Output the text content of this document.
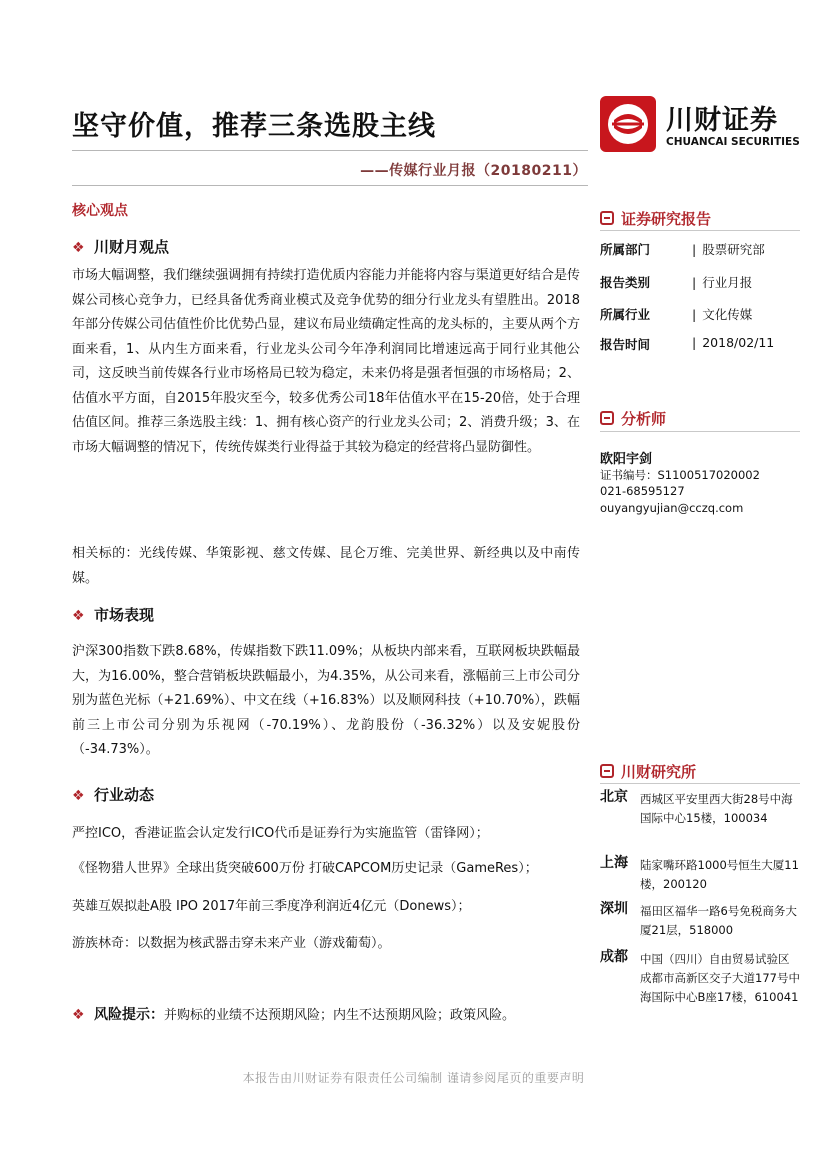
坚守价值，推荐三条选股主线	川财证券
CHUANCAI SECURITIES
——传媒行业月报（20180211）
核心观点
❖ 川财月观点
市场大幅调整，我们继续强调拥有持续打造优质内容能力并能将内容与渠道更好结合是传媒公司核心竞争力，已经具备优秀商业模式及竞争优势的细分行业龙头有望胜出。2018年部分传媒公司估值性价比优势凸显，建议布局业绩确定性高的龙头标的，主要从两个方面来看，1、从内生方面来看，行业龙头公司今年净利润同比增速远高于同行业其他公司，这反映当前传媒各行业市场格局已较为稳定，未来仍将是强者恒强的市场格局；2、估值水平方面，自2015年股灾至今，较多优秀公司18年估值水平在15-20倍，处于合理估值区间。推荐三条选股主线：1、拥有核心资产的行业龙头公司；2、消费升级；3、在市场大幅调整的情况下，传统传媒类行业得益于其较为稳定的经营将凸显防御性。
相关标的：光线传媒、华策影视、慈文传媒、昆仑万维、完美世界、新经典以及中南传媒。
❖ 市场表现
沪深300指数下跌8.68%，传媒指数下跌11.09%；从板块内部来看，互联网板块跌幅最大，为16.00%，整合营销板块跌幅最小，为4.35%，从公司来看，涨幅前三上市公司分别为蓝色光标（+21.69%）、中文在线（+16.83%）以及顺网科技（+10.70%），跌幅前三上市公司分别为乐视网（-70.19%）、龙韵股份（-36.32%）以及安妮股份（-34.73%）。
❖ 行业动态
严控ICO，香港证监会认定发行ICO代币是证券行为实施监管（雷锋网）；
《怪物猎人世界》全球出货突破600万份 打破CAPCOM历史记录（GameRes）；
英雄互娱拟赴A股 IPO 2017年前三季度净利润近4亿元（Donews）；
游族林奇：以数据为核武器击穿未来产业（游戏葡萄）。
❖ 风险提示：并购标的业绩不达预期风险；内生不达预期风险；政策风险。
本报告由川财证券有限责任公司编制 谨请参阅尾页的重要声明
证券研究报告
所属部门	| 股票研究部
报告类别	| 行业月报
所属行业	| 文化传媒
报告时间	| 2018/02/11
分析师
欧阳宇剑
证书编号：S1100517020002
021-68595127
ouyangyujian@cczq.com
川财研究所
北京 西城区平安里西大街28号中海国际中心15楼，100034
上海 陆家嘴环路1000号恒生大厦11楼，200120
深圳 福田区福华一路6号免税商务大厦21层，518000
成都 中国（四川）自由贸易试验区成都市高新区交子大道177号中海国际中心B座17楼，610041
